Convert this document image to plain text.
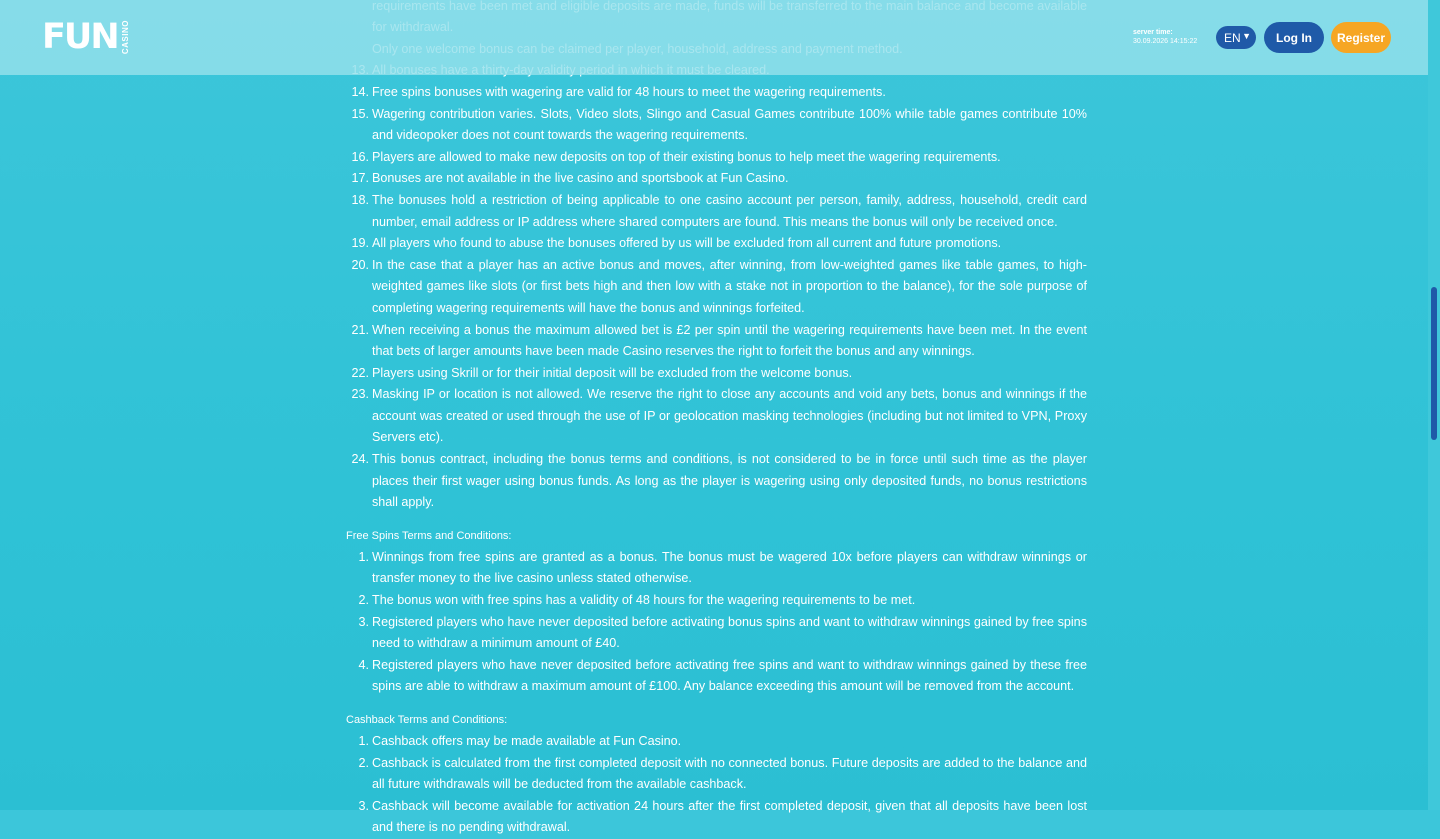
14. Free spins bonuses with wagering are valid for 48 hours to meet the wagering requirements.
15. Wagering contribution varies. Slots, Video slots, Slingo and Casual Games contribute 100% while table games contribute 10% and videopoker does not count towards the wagering requirements.
16. Players are allowed to make new deposits on top of their existing bonus to help meet the wagering requirements.
17. Bonuses are not available in the live casino and sportsbook at Fun Casino.
18. The bonuses hold a restriction of being applicable to one casino account per person, family, address, household, credit card number, email address or IP address where shared computers are found. This means the bonus will only be received once.
19. All players who found to abuse the bonuses offered by us will be excluded from all current and future promotions.
20. In the case that a player has an active bonus and moves, after winning, from low-weighted games like table games, to high-weighted games like slots (or first bets high and then low with a stake not in proportion to the balance), for the sole purpose of completing wagering requirements will have the bonus and winnings forfeited.
21. When receiving a bonus the maximum allowed bet is £2 per spin until the wagering requirements have been met. In the event that bets of larger amounts have been made Casino reserves the right to forfeit the bonus and any winnings.
22. Players using Skrill or for their initial deposit will be excluded from the welcome bonus.
23. Masking IP or location is not allowed. We reserve the right to close any accounts and void any bets, bonus and winnings if the account was created or used through the use of IP or geolocation masking technologies (including but not limited to VPN, Proxy Servers etc).
24. This bonus contract, including the bonus terms and conditions, is not considered to be in force until such time as the player places their first wager using bonus funds. As long as the player is wagering using only deposited funds, no bonus restrictions shall apply.
Free Spins Terms and Conditions:
1. Winnings from free spins are granted as a bonus. The bonus must be wagered 10x before players can withdraw winnings or transfer money to the live casino unless stated otherwise.
2. The bonus won with free spins has a validity of 48 hours for the wagering requirements to be met.
3. Registered players who have never deposited before activating bonus spins and want to withdraw winnings gained by free spins need to withdraw a minimum amount of £40.
4. Registered players who have never deposited before activating free spins and want to withdraw winnings gained by these free spins are able to withdraw a maximum amount of £100. Any balance exceeding this amount will be removed from the account.
Cashback Terms and Conditions:
1. Cashback offers may be made available at Fun Casino.
2. Cashback is calculated from the first completed deposit with no connected bonus. Future deposits are added to the balance and all future withdrawals will be deducted from the available cashback.
3. Cashback will become available for activation 24 hours after the first completed deposit, given that all deposits have been lost and there is no pending withdrawal.
FUN CASINO	server time:
30.09.2026 14:15:22 EN ▼	Log In	Register
